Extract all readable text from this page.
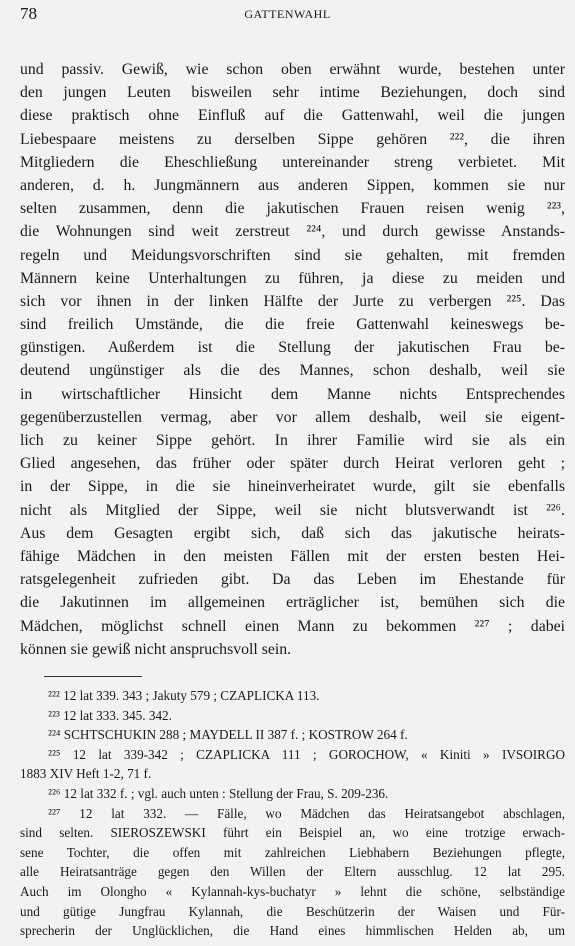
78	GATTENWAHL
und passiv. Gewiß, wie schon oben erwähnt wurde, bestehen unter
den jungen Leuten bisweilen sehr intime Beziehungen, doch sind
diese praktisch ohne Einfluß auf die Gattenwahl, weil die jungen
Liebespaare meistens zu derselben Sippe gehören ²²², die ihren
Mitgliedern die Eheschließung untereinander streng verbietet. Mit
anderen, d. h. Jungmännern aus anderen Sippen, kommen sie nur
selten zusammen, denn die jakutischen Frauen reisen wenig ²²³,
die Wohnungen sind weit zerstreut ²²⁴, und durch gewisse Anstands-
regeln und Meidungsvorschriften sind sie gehalten, mit fremden
Männern keine Unterhaltungen zu führen, ja diese zu meiden und
sich vor ihnen in der linken Hälfte der Jurte zu verbergen ²²⁵. Das
sind freilich Umstände, die die freie Gattenwahl keineswegs be-
günstigen. Außerdem ist die Stellung der jakutischen Frau be-
deutend ungünstiger als die des Mannes, schon deshalb, weil sie
in wirtschaftlicher Hinsicht dem Manne nichts Entsprechendes
gegenüberzustellen vermag, aber vor allem deshalb, weil sie eigent-
lich zu keiner Sippe gehört. In ihrer Familie wird sie als ein
Glied angesehen, das früher oder später durch Heirat verloren geht ;
in der Sippe, in die sie hineinverheiratet wurde, gilt sie ebenfalls
nicht als Mitglied der Sippe, weil sie nicht blutsverwandt ist ²²⁶.
Aus dem Gesagten ergibt sich, daß sich das jakutische heirats-
fähige Mädchen in den meisten Fällen mit der ersten besten Hei-
ratsgelegenheit zufrieden gibt. Da das Leben im Ehestande für
die Jakutinnen im allgemeinen erträglicher ist, bemühen sich die
Mädchen, möglichst schnell einen Mann zu bekommen ²²⁷ ; dabei
können sie gewiß nicht anspruchsvoll sein.
²²² 12 lat 339. 343 ; Jakuty 579 ; CZAPLICKA 113.
²²³ 12 lat 333. 345. 342.
²²⁴ SCHTSCHUKIN 288 ; MAYDELL II 387 f. ; KOSTROW 264 f.
²²⁵ 12 lat 339-342 ; CZAPLICKA 111 ; GOROCHOW, « Kiniti » IVSOIRGO
1883 XIV Heft 1-2, 71 f.
²²⁶ 12 lat 332 f. ; vgl. auch unten : Stellung der Frau, S. 209-236.
²²⁷ 12 lat 332. — Fälle, wo Mädchen das Heiratsangebot abschlagen,
sind selten. SIEROSZEWSKI führt ein Beispiel an, wo eine trotzige erwach-
sene Tochter, die offen mit zahlreichen Liebhabern Beziehungen pflegte,
alle Heiratsanträge gegen den Willen der Eltern ausschlug. 12 lat 295.
Auch im Olongho « Kylannah-kys-buchatyr » lehnt die schöne, selbständige
und gütige Jungfrau Kylannah, die Beschützerin der Waisen und Für-
sprecherin der Unglücklichen, die Hand eines himmlischen Helden ab, um
